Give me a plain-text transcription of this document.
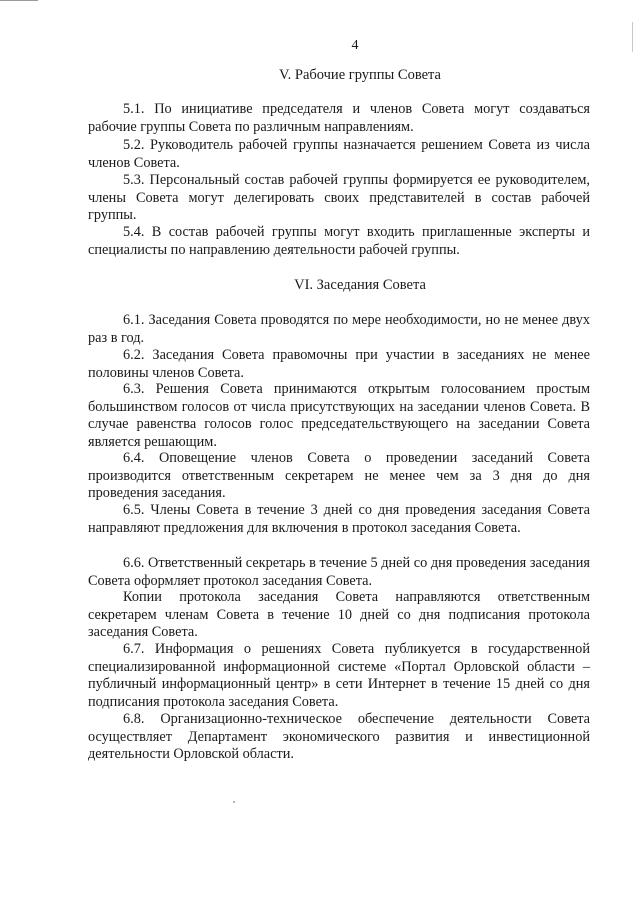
4
V. Рабочие группы Совета

5.1. По инициативе председателя и членов Совета могут создаваться рабочие группы Совета по различным направлениям.

5.2. Руководитель рабочей группы назначается решением Совета из числа членов Совета.

5.3. Персональный состав рабочей группы формируется ее руководителем, члены Совета могут делегировать своих представителей в состав рабочей группы.

5.4. В состав рабочей группы могут входить приглашенные эксперты и специалисты по направлению деятельности рабочей группы.

VI. Заседания Совета

6.1. Заседания Совета проводятся по мере необходимости, но не менее двух раз в год.

6.2. Заседания Совета правомочны при участии в заседаниях не менее половины членов Совета.

6.3. Решения Совета принимаются открытым голосованием простым большинством голосов от числа присутствующих на заседании членов Совета. В случае равенства голосов голос председательствующего на заседании Совета является решающим.

6.4. Оповещение членов Совета о проведении заседаний Совета производится ответственным секретарем не менее чем за 3 дня до дня проведения заседания.

6.5. Члены Совета в течение 3 дней со дня проведения заседания Совета направляют предложения для включения в протокол заседания Совета.

6.6. Ответственный секретарь в течение 5 дней со дня проведения заседания Совета оформляет протокол заседания Совета.

Копии протокола заседания Совета направляются ответственным секретарем членам Совета в течение 10 дней со дня подписания протокола заседания Совета.

6.7. Информация о решениях Совета публикуется в государственной специализированной информационной системе «Портал Орловской области – публичный информационный центр» в сети Интернет в течение 15 дней со дня подписания протокола заседания Совета.

6.8. Организационно-техническое обеспечение деятельности Совета осуществляет Департамент экономического развития и инвестиционной деятельности Орловской области.
